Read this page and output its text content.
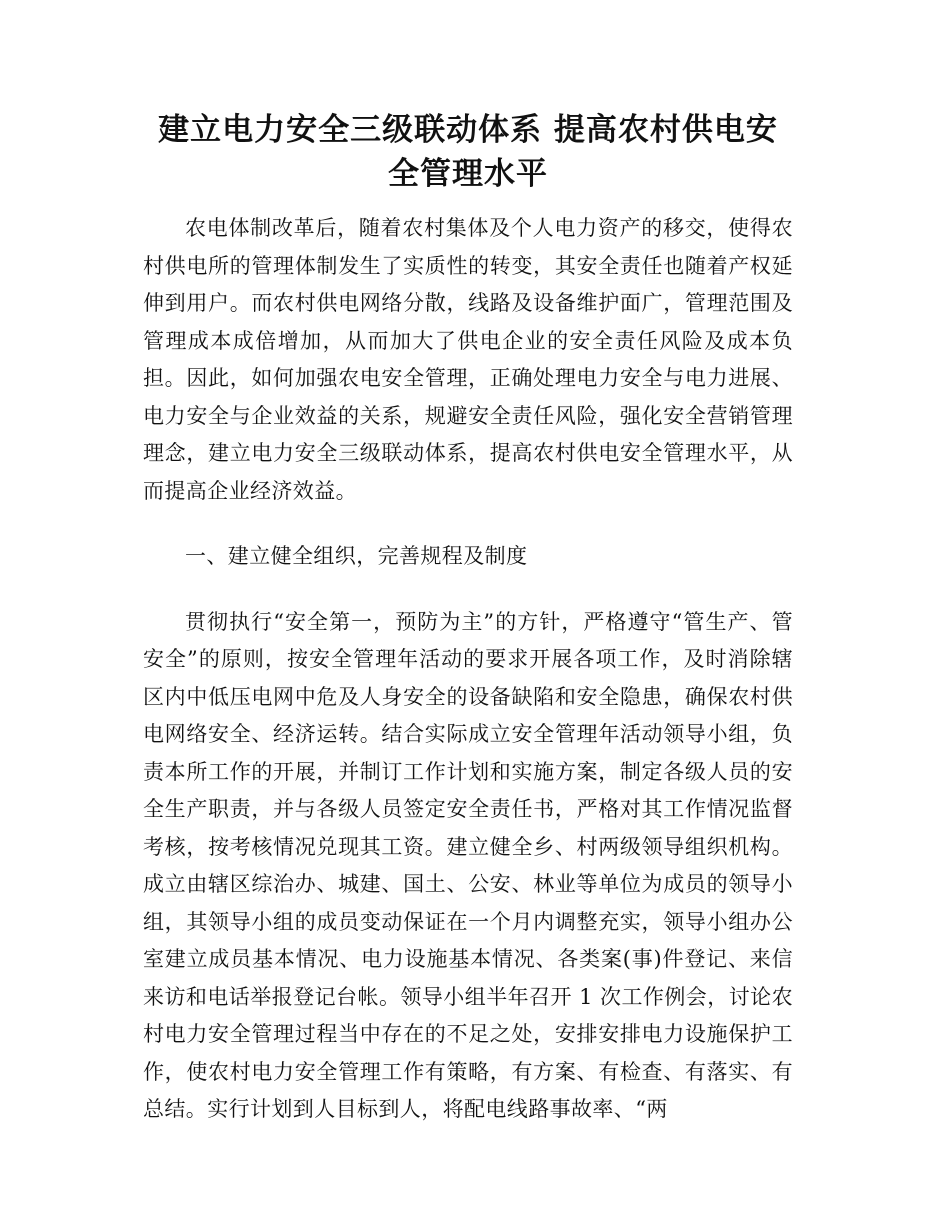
建立电力安全三级联动体系 提高农村供电安全管理水平

农电体制改革后，随着农村集体及个人电力资产的移交，使得农村供电所的管理体制发生了实质性的转变，其安全责任也随着产权延伸到用户。而农村供电网络分散，线路及设备维护面广，管理范围及管理成本成倍增加，从而加大了供电企业的安全责任风险及成本负担。因此，如何加强农电安全管理，正确处理电力安全与电力进展、电力安全与企业效益的关系，规避安全责任风险，强化安全营销管理理念，建立电力安全三级联动体系，提高农村供电安全管理水平，从而提高企业经济效益。

一、建立健全组织，完善规程及制度

贯彻执行“安全第一，预防为主”的方针，严格遵守“管生产、管安全”的原则，按安全管理年活动的要求开展各项工作，及时消除辖区内中低压电网中危及人身安全的设备缺陷和安全隐患，确保农村供电网络安全、经济运转。结合实际成立安全管理年活动领导小组，负责本所工作的开展，并制订工作计划和实施方案，制定各级人员的安全生产职责，并与各级人员签定安全责任书，严格对其工作情况监督考核，按考核情况兑现其工资。建立健全乡、村两级领导组织机构。成立由辖区综治办、城建、国土、公安、林业等单位为成员的领导小组，其领导小组的成员变动保证在一个月内调整充实，领导小组办公室建立成员基本情况、电力设施基本情况、各类案(事)件登记、来信来访和电话举报登记台帐。领导小组半年召开 1 次工作例会，讨论农村电力安全管理过程当中存在的不足之处，安排安排电力设施保护工作，使农村电力安全管理工作有策略，有方案、有检查、有落实、有总结。实行计划到人目标到人，将配电线路事故率、“两
